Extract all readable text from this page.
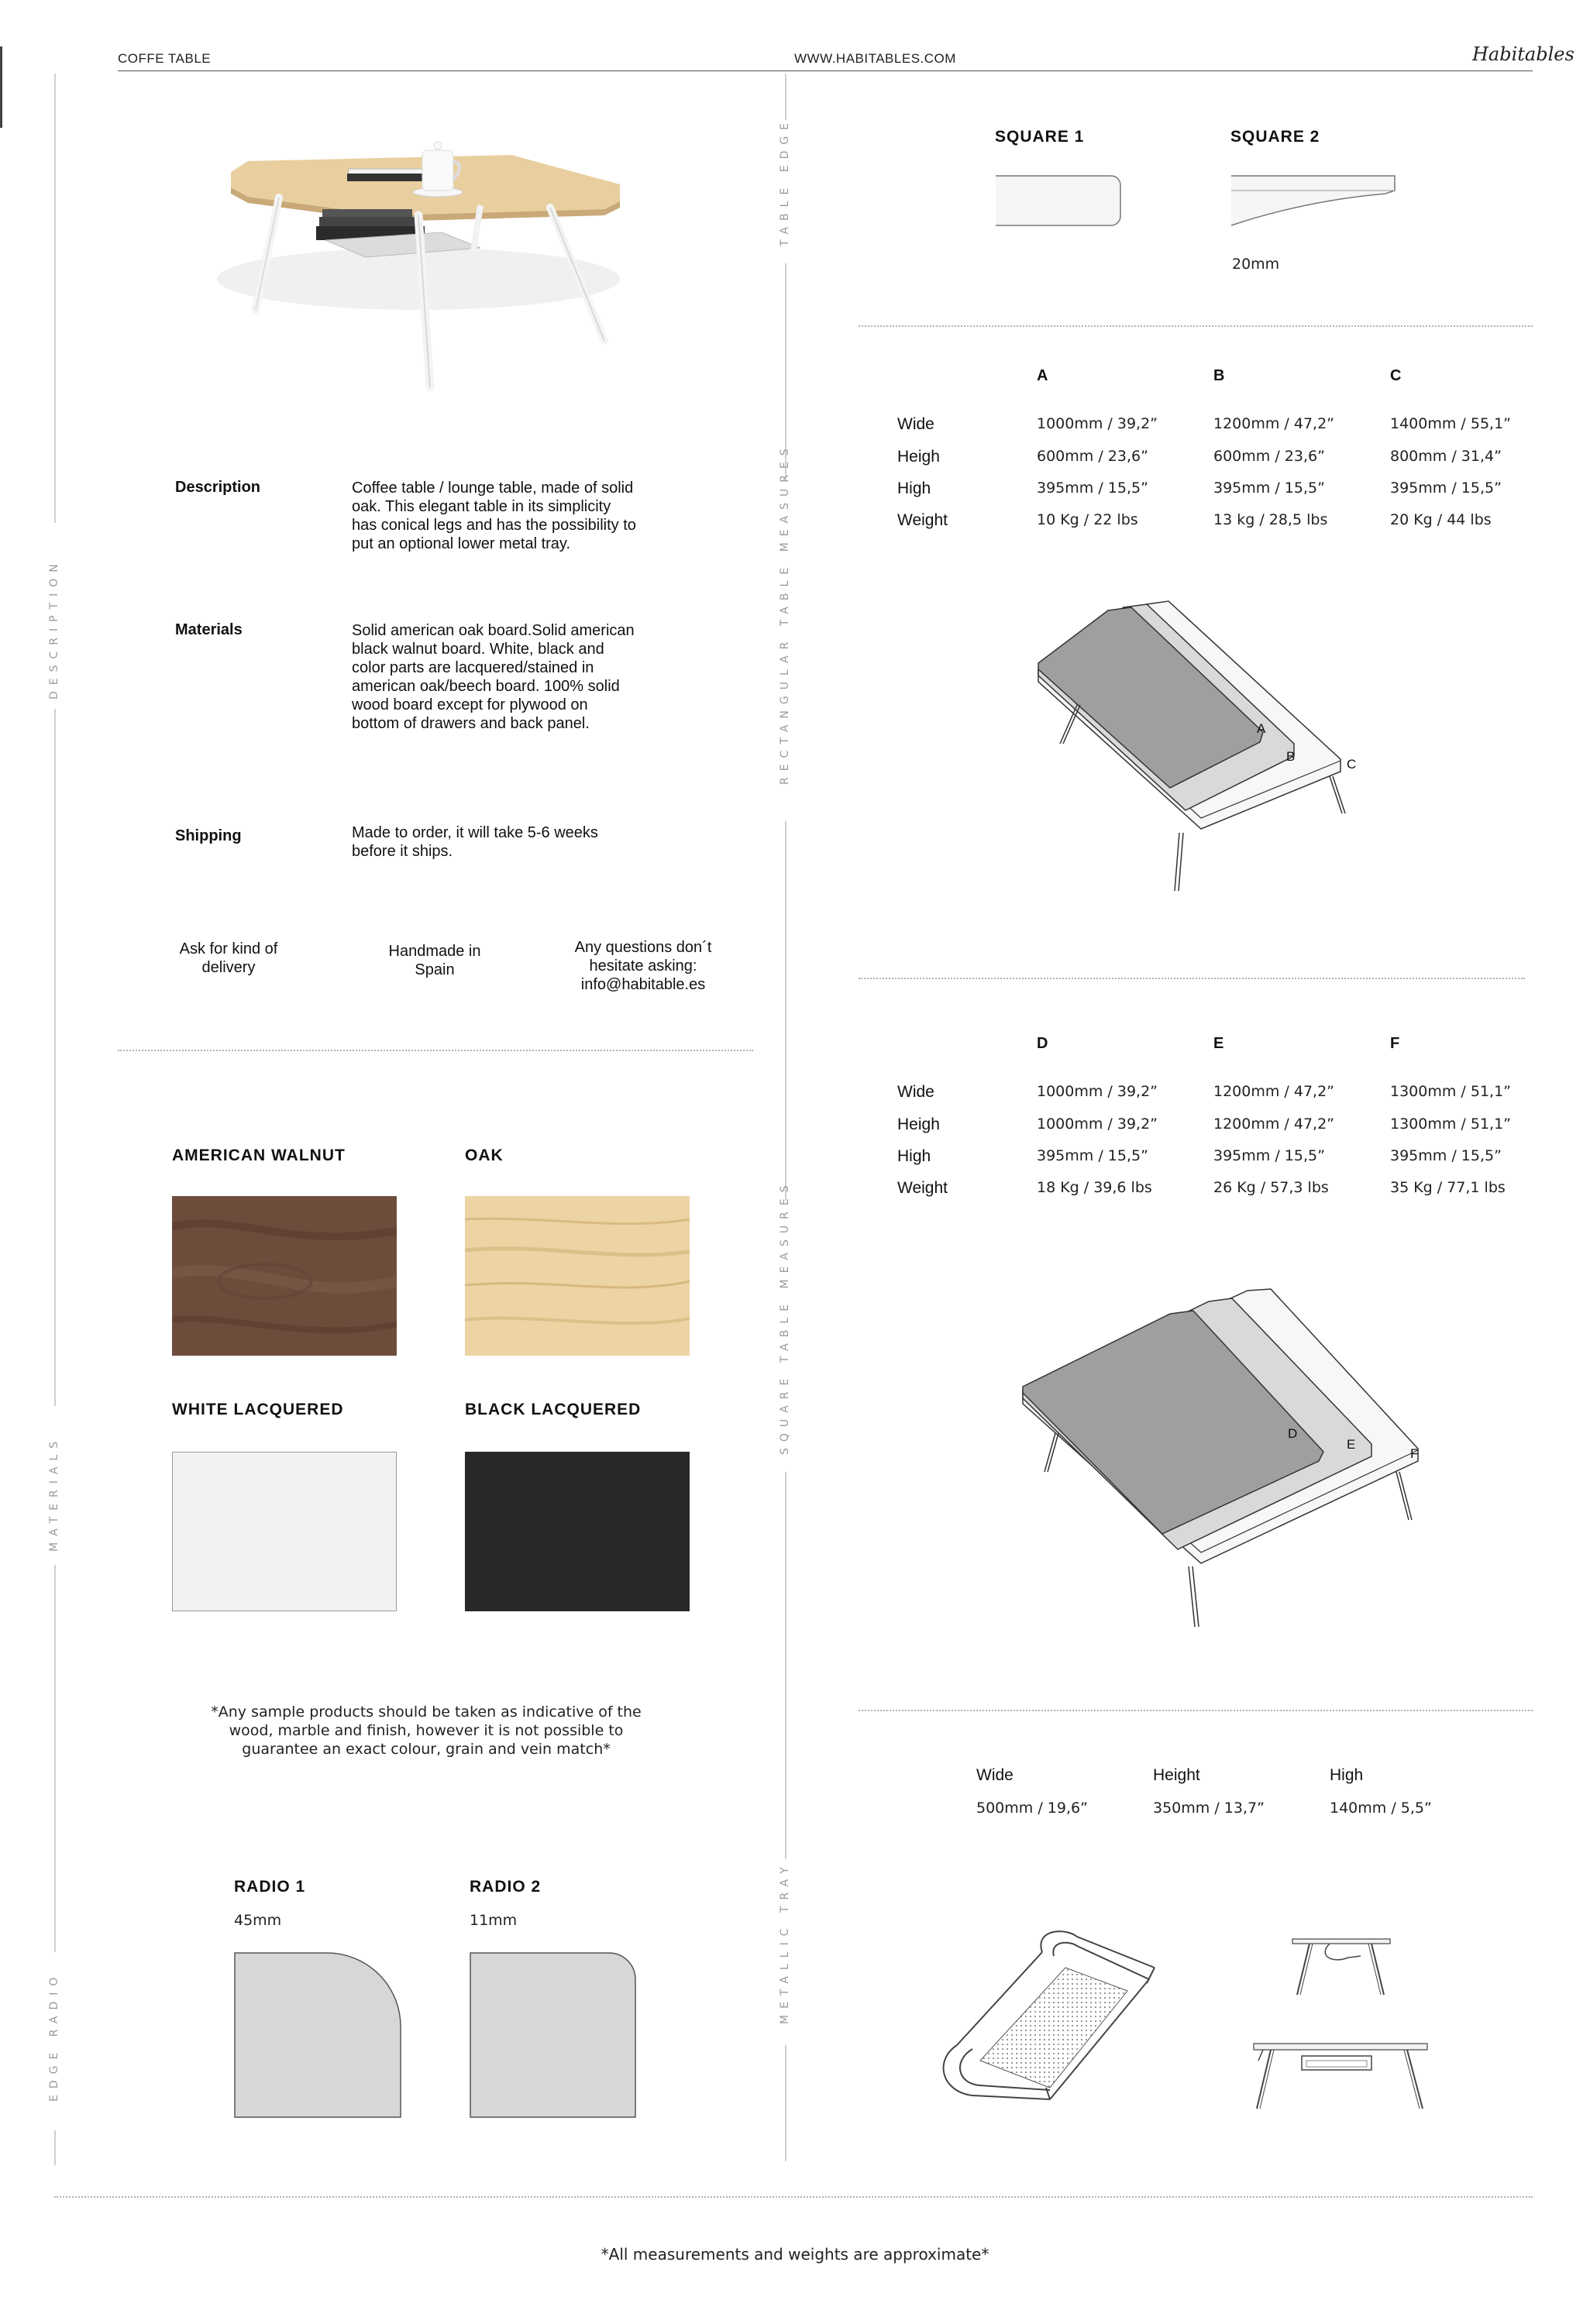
COFFE TABLE	WWW.HABITABLES.COM	Habitables
TABLE EDGE
DESCRIPTION	RECTANGULAR TABLE MEASURES
SQUARE TABLE MEASURES
MATERIALS
EDGE RADIO
METALLIC TRAY
Description	Coffee table / lounge table, made of solid oak. This elegant table in its simplicity has conical legs and has the possibility to put an optional lower metal tray.
Materials	Solid american oak board.Solid american black walnut board. White, black and color parts are lacquered/stained in american oak/beech board. 100% solid wood board except for plywood on bottom of drawers and back panel.
Shipping	Made to order, it will take 5-6 weeks before it ships.
Ask for kind of delivery
Handmade in Spain
Any questions don´t hesitate asking: info@habitable.es
AMERICAN WALNUT	OAK
WHITE LACQUERED	BLACK LACQUERED
*Any sample products should be taken as indicative of the wood, marble and finish, however it is not possible to guarantee an exact colour, grain and vein match*
RADIO 1	RADIO 2
45mm	11mm
SQUARE 1	SQUARE 2
20mm
A	B	C
Wide	1000mm / 39,2”	1200mm / 47,2”	1400mm / 55,1”
Heigh	600mm / 23,6”	600mm / 23,6”	800mm / 31,4”
High	395mm / 15,5”	395mm / 15,5”	395mm / 15,5”
Weight	10 Kg / 22 lbs	13 kg / 28,5 lbs	20 Kg / 44 lbs
A
B
C
D	E	F
Wide	1000mm / 39,2”	1200mm / 47,2”	1300mm / 51,1”
Heigh	1000mm / 39,2”	1200mm / 47,2”	1300mm / 51,1”
High	395mm / 15,5”	395mm / 15,5”	395mm / 15,5”
Weight	18 Kg / 39,6 lbs	26 Kg / 57,3 lbs	35 Kg / 77,1 lbs
D
E
F
Wide	Height	High
500mm / 19,6”	350mm / 13,7”	140mm / 5,5”
*All measurements and weights are approximate*
